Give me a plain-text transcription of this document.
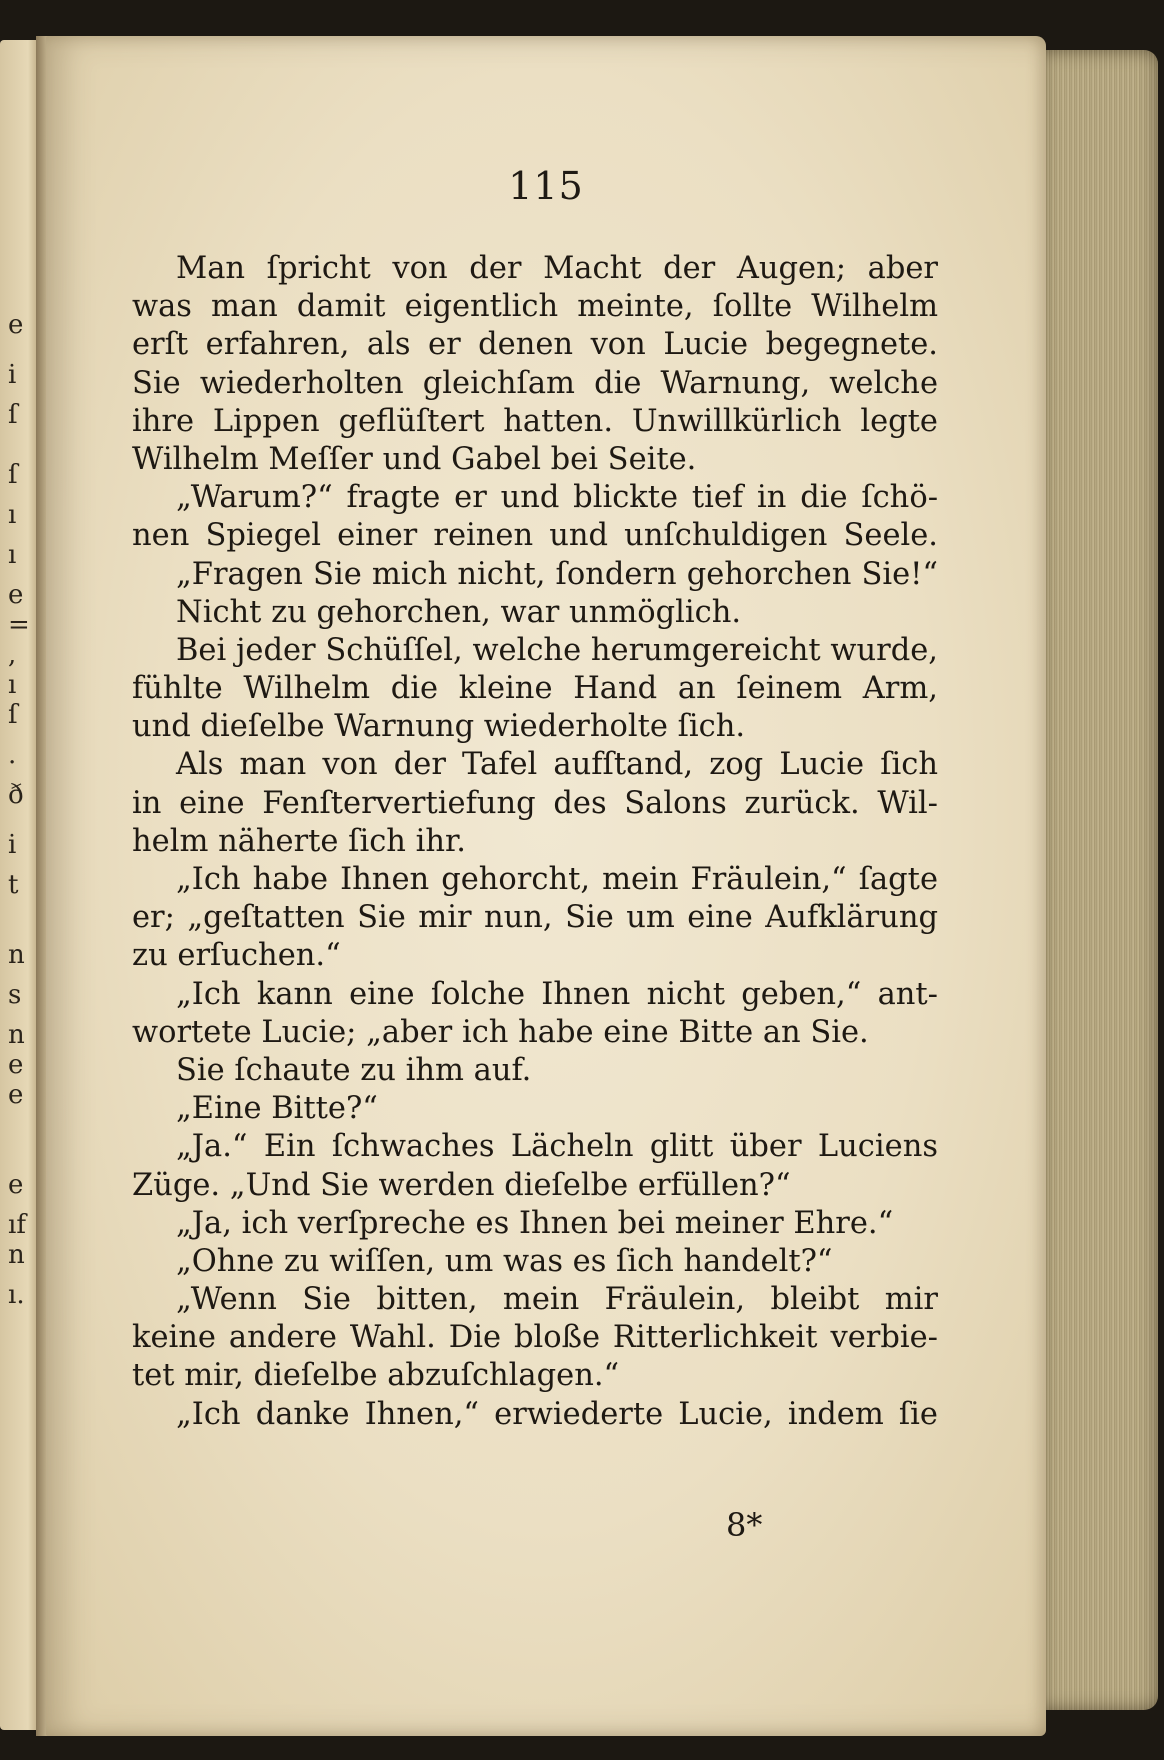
e
i
ſ
ſ
ı
ı
e
=
,
ı
ſ
.
ð
i
t
n
s
n
e
e
e
ıf
n
ı.
115
Man ſpricht von der Macht der Augen; aber
was man damit eigentlich meinte, ſollte Wilhelm
erſt erfahren, als er denen von Lucie begegnete.
Sie wiederholten gleichſam die Warnung, welche
ihre Lippen geflüſtert hatten. Unwillkürlich legte
Wilhelm Meſſer und Gabel bei Seite.
„Warum?“ fragte er und blickte tief in die ſchö-
nen Spiegel einer reinen und unſchuldigen Seele.
„Fragen Sie mich nicht, ſondern gehorchen Sie!“
Nicht zu gehorchen, war unmöglich.
Bei jeder Schüſſel, welche herumgereicht wurde,
fühlte Wilhelm die kleine Hand an ſeinem Arm,
und dieſelbe Warnung wiederholte ſich.
Als man von der Tafel aufſtand, zog Lucie ſich
in eine Fenſtervertiefung des Salons zurück. Wil-
helm näherte ſich ihr.
„Ich habe Ihnen gehorcht, mein Fräulein,“ ſagte
er; „geſtatten Sie mir nun, Sie um eine Aufklärung
zu erſuchen.“
„Ich kann eine ſolche Ihnen nicht geben,“ ant-
wortete Lucie; „aber ich habe eine Bitte an Sie.
Sie ſchaute zu ihm auf.
„Eine Bitte?“
„Ja.“ Ein ſchwaches Lächeln glitt über Luciens
Züge. „Und Sie werden dieſelbe erfüllen?“
„Ja, ich verſpreche es Ihnen bei meiner Ehre.“
„Ohne zu wiſſen, um was es ſich handelt?“
„Wenn Sie bitten, mein Fräulein, bleibt mir
keine andere Wahl. Die bloße Ritterlichkeit verbie-
tet mir, dieſelbe abzuſchlagen.“
„Ich danke Ihnen,“ erwiederte Lucie, indem ſie
8*
